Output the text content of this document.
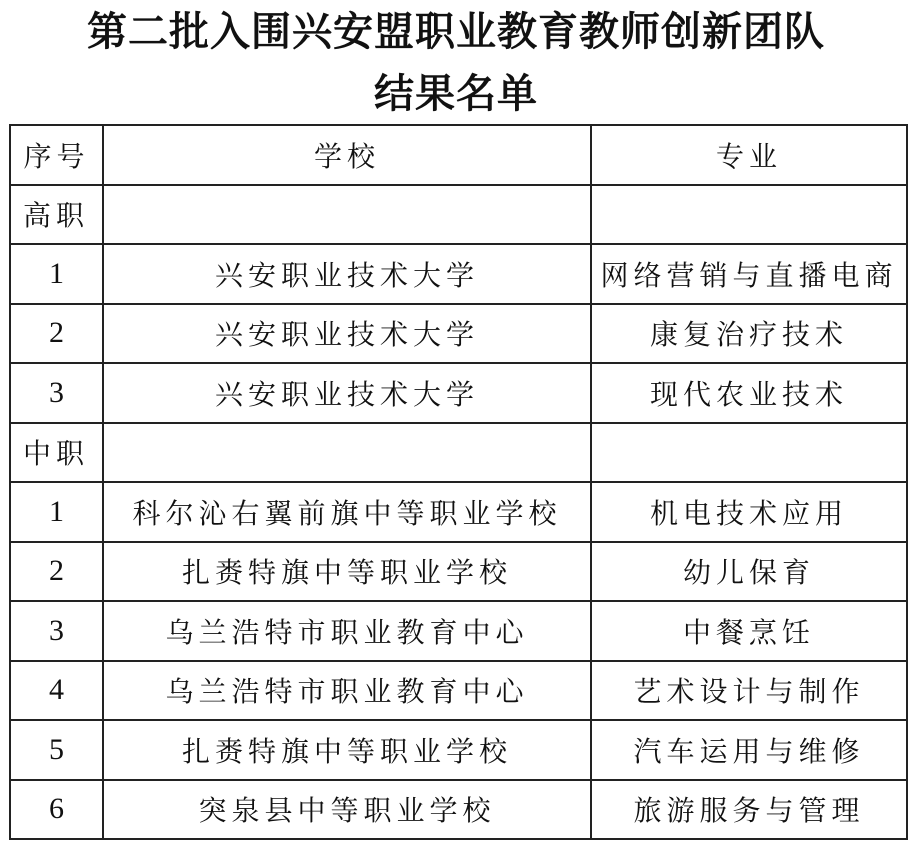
第二批入围兴安盟职业教育教师创新团队
结果名单
序号	学校	专业
高职		
1	兴安职业技术大学	网络营销与直播电商
2	兴安职业技术大学	康复治疗技术
3	兴安职业技术大学	现代农业技术
中职		
1	科尔沁右翼前旗中等职业学校	机电技术应用
2	扎赉特旗中等职业学校	幼儿保育
3	乌兰浩特市职业教育中心	中餐烹饪
4	乌兰浩特市职业教育中心	艺术设计与制作
5	扎赉特旗中等职业学校	汽车运用与维修
6	突泉县中等职业学校	旅游服务与管理
